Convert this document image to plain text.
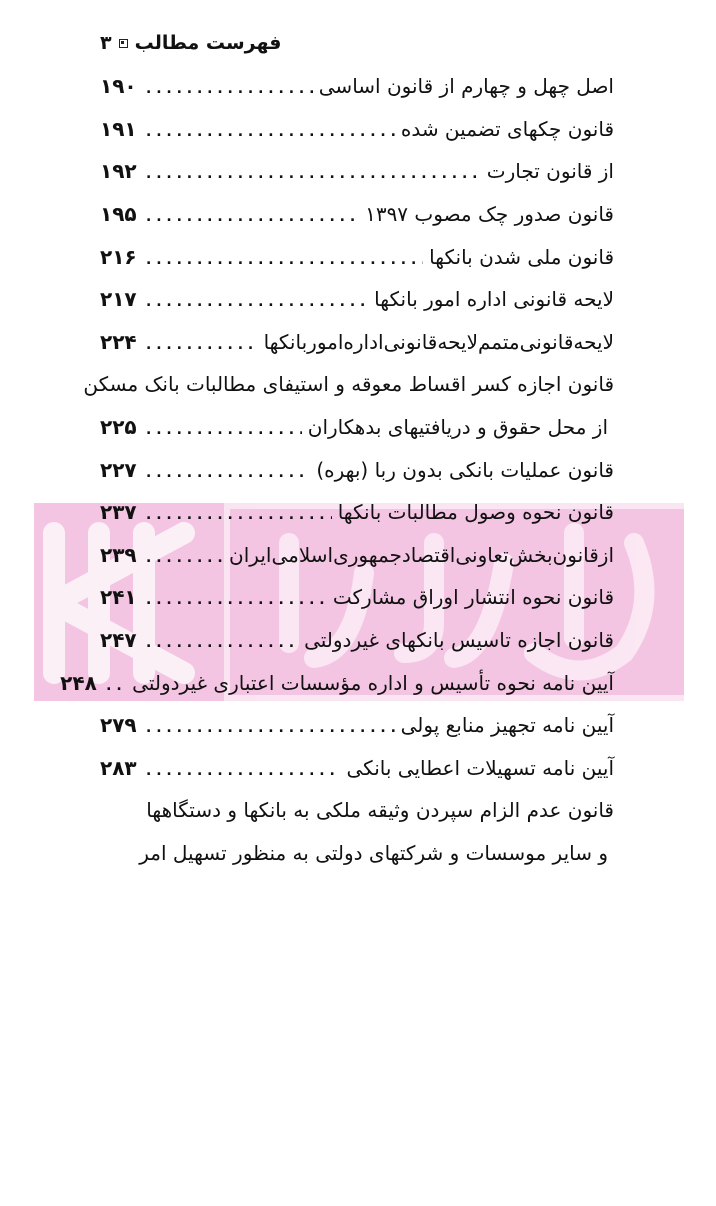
فهرست مطالب
۳
اصل چهل و چهارم از قانون اساسی
. . .
۱۹۰
قانون چکهای تضمین شده
. . .
۱۹۱
از قانون تجارت
. . .
۱۹۲
قانون صدور چک مصوب ۱۳۹۷
. . .
۱۹۵
قانون ملی شدن بانکها
. . .
۲۱۶
لایحه قانونی اداره امور بانکها
. . .
۲۱۷
لایحه‌قانونی‌متمم‌لایحه‌قانونی‌اداره‌امور‌بانکها
. . .
۲۲۴
قانون اجازه کسر اقساط معوقه و استیفای مطالبات بانک مسکن
از محل حقوق و دریافتیهای بدهکاران
. . .
۲۲۵
قانون عملیات بانکی بدون ربا (بهره)
. . .
۲۲۷
قانون نحوه وصول مطالبات بانکها
. . .
۲۳۷
ازقانون‌بخش‌تعاونی‌اقتصادجمهوری‌اسلامی‌ایران
. . .
۲۳۹
قانون نحوه انتشار اوراق مشارکت
. . .
۲۴۱
قانون اجازه تاسیس بانکهای غیردولتی
. . .
۲۴۷
آیین نامه نحوه تأسیس و اداره مؤسسات اعتباری غیردولتی
. . .
۲۴۸
آیین نامه تجهیز منابع پولی
. . .
۲۷۹
آیین نامه تسهیلات اعطایی بانکی
. . .
۲۸۳
قانون عدم الزام سپردن وثیقه ملکی به بانکها و دستگاهها
و سایر موسسات و شرکتهای دولتی به منظور تسهیل امر
